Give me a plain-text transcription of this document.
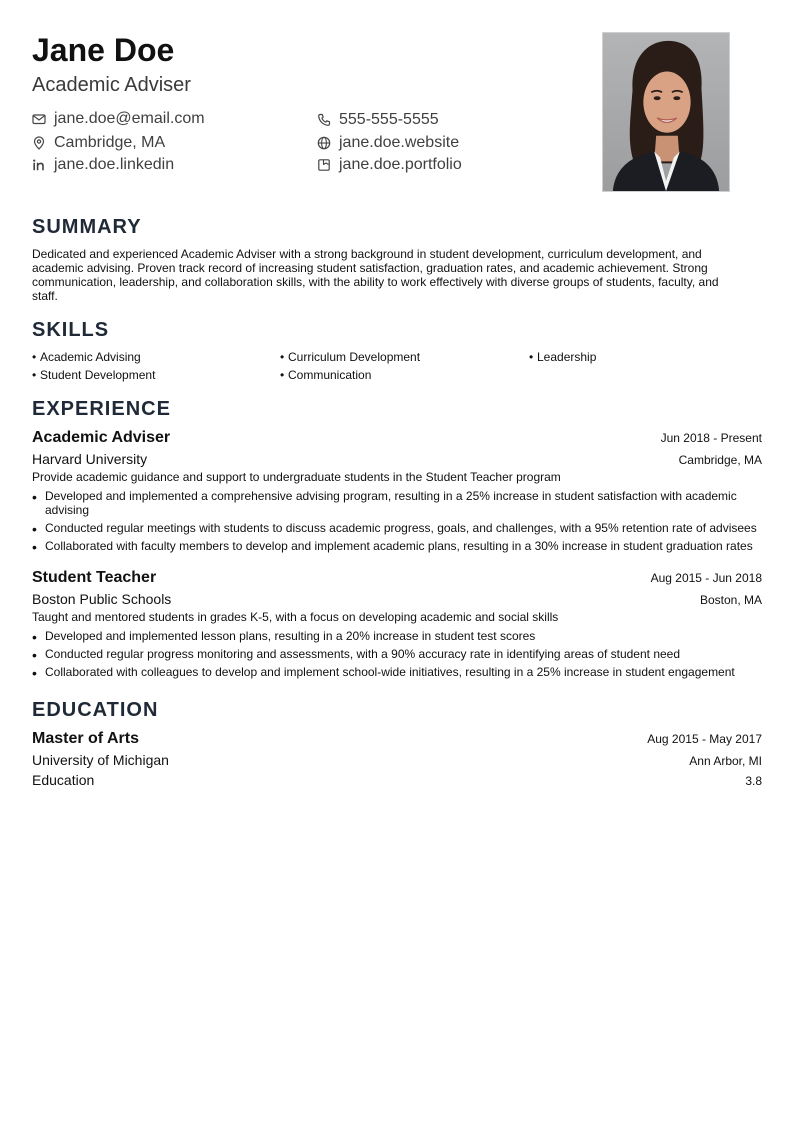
Jane Doe
Academic Adviser
jane.doe@email.com	555-555-5555
Cambridge, MA	jane.doe.website
jane.doe.linkedin	jane.doe.portfolio
SUMMARY
Dedicated and experienced Academic Adviser with a strong background in student development, curriculum development, and academic advising. Proven track record of increasing student satisfaction, graduation rates, and academic achievement. Strong communication, leadership, and collaboration skills, with the ability to work effectively with diverse groups of students, faculty, and staff.
SKILLS
• Academic Advising	• Curriculum Development	• Leadership
• Student Development	• Communication
EXPERIENCE
Academic Adviser	Jun 2018 - Present
Harvard University	Cambridge, MA
Provide academic guidance and support to undergraduate students in the Student Teacher program
• Developed and implemented a comprehensive advising program, resulting in a 25% increase in student satisfaction with academic advising
• Conducted regular meetings with students to discuss academic progress, goals, and challenges, with a 95% retention rate of advisees
• Collaborated with faculty members to develop and implement academic plans, resulting in a 30% increase in student graduation rates
Student Teacher	Aug 2015 - Jun 2018
Boston Public Schools	Boston, MA
Taught and mentored students in grades K-5, with a focus on developing academic and social skills
• Developed and implemented lesson plans, resulting in a 20% increase in student test scores
• Conducted regular progress monitoring and assessments, with a 90% accuracy rate in identifying areas of student need
• Collaborated with colleagues to develop and implement school-wide initiatives, resulting in a 25% increase in student engagement
EDUCATION
Master of Arts	Aug 2015 - May 2017
University of Michigan	Ann Arbor, MI
Education	3.8
